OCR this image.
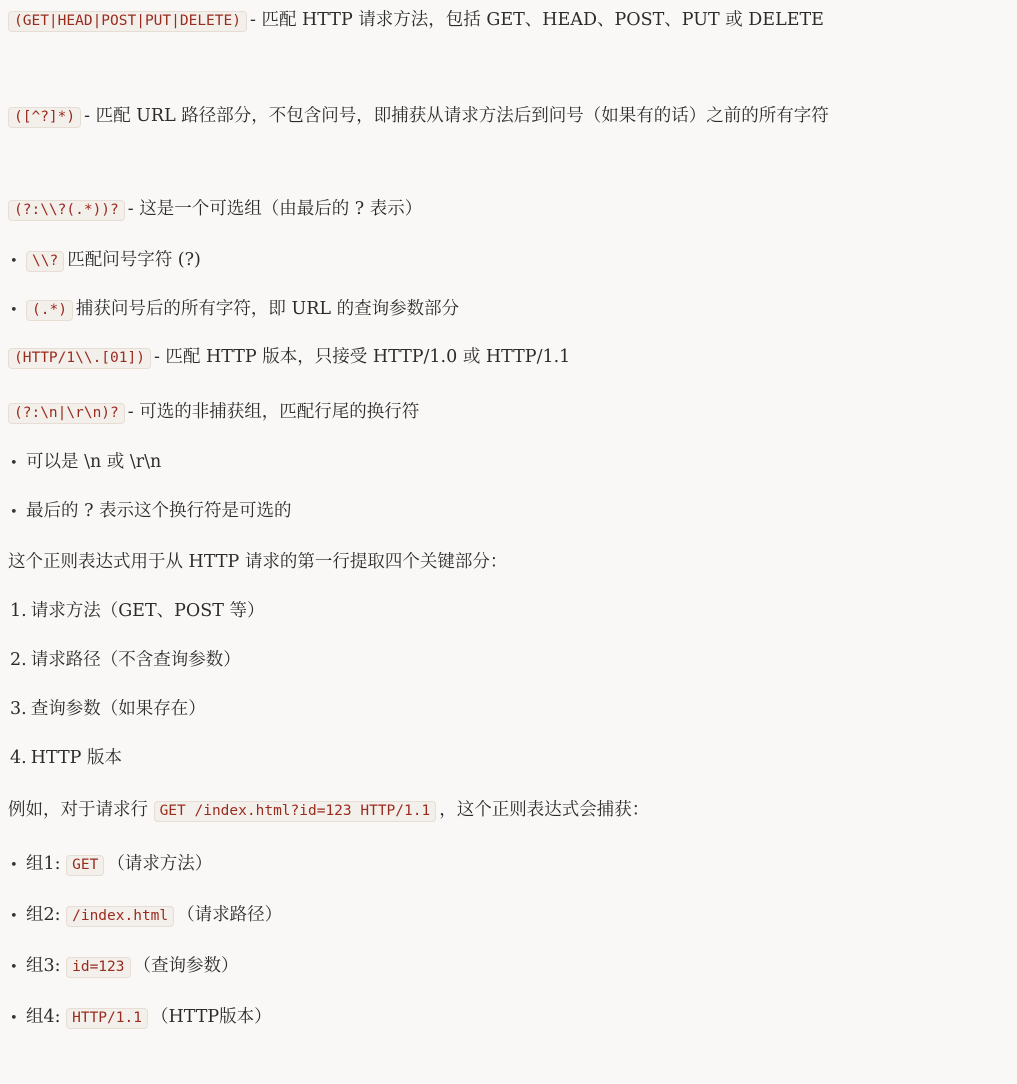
(GET|HEAD|POST|PUT|DELETE) - 匹配 HTTP 请求方法，包括 GET、HEAD、POST、PUT 或 DELETE
([^?]*) - 匹配 URL 路径部分，不包含问号，即捕获从请求方法后到问号（如果有的话）之前的所有字符
(?:\\?(.*))? - 这是一个可选组（由最后的 ? 表示）
• \\? 匹配问号字符 (?)
• (.*) 捕获问号后的所有字符，即 URL 的查询参数部分
(HTTP/1\\.[01]) - 匹配 HTTP 版本，只接受 HTTP/1.0 或 HTTP/1.1
(?:\n|\r\n)? - 可选的非捕获组，匹配行尾的换行符
• 可以是 \n 或 \r\n
• 最后的 ? 表示这个换行符是可选的
这个正则表达式用于从 HTTP 请求的第一行提取四个关键部分：
1. 请求方法（GET、POST 等）
2. 请求路径（不含查询参数）
3. 查询参数（如果存在）
4. HTTP 版本
例如，对于请求行 GET /index.html?id=123 HTTP/1.1 ，这个正则表达式会捕获：
• 组1: GET （请求方法）
• 组2: /index.html （请求路径）
• 组3: id=123 （查询参数）
• 组4: HTTP/1.1 （HTTP版本）
